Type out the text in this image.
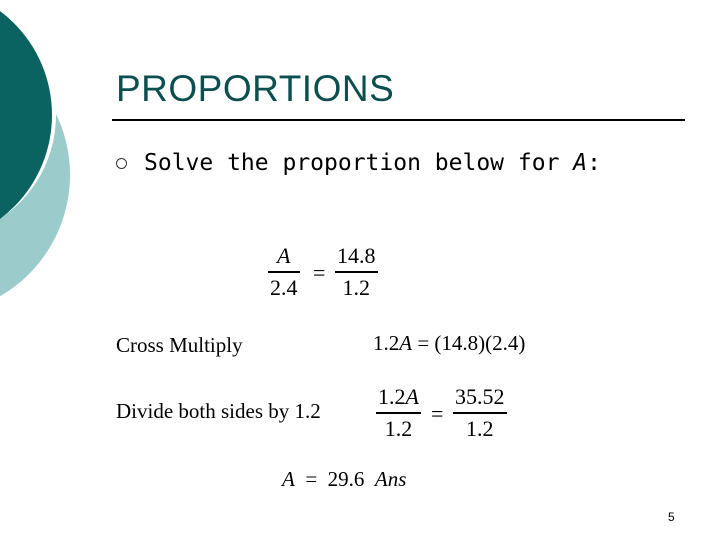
PROPORTIONS
Solve the proportion below for A:
A
2.4
=
14.8
1.2
Cross Multiply	1.2A = (14.8)(2.4)
Divide both sides by 1.2
1.2A
1.2
=
35.52
1.2
A = 29.6 Ans
5
